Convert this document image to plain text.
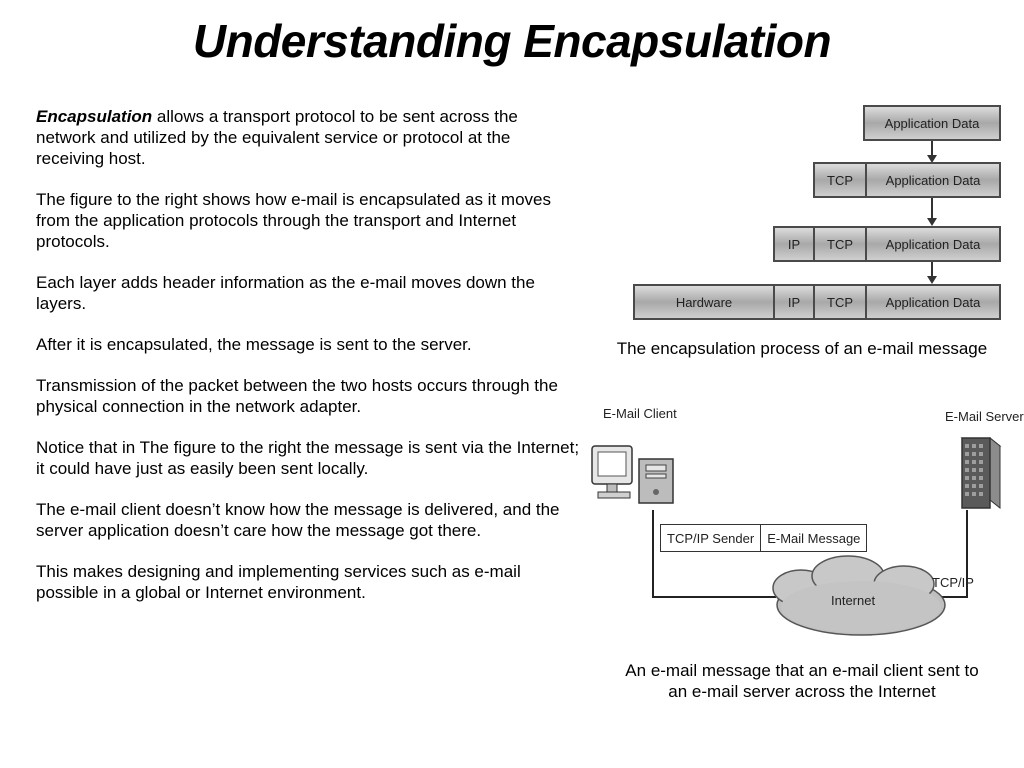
Understanding Encapsulation

Encapsulation allows a transport protocol to be sent across the network and utilized by the equivalent service or protocol at the receiving host.

The figure to the right shows how e-mail is encapsulated as it moves from the application protocols through the transport and Internet protocols.

Each layer adds header information as the e-mail moves down the layers.

After it is encapsulated, the message is sent to the server.

Transmission of the packet between the two hosts occurs through the physical connection in the network adapter.

Notice that in The figure to the right the message is sent via the Internet; it could have just as easily been sent locally.

The e-mail client doesn’t know how the message is delivered, and the server application doesn’t care how the message got there.

This makes designing and implementing services such as e-mail possible in a global or Internet environment.

Application Data
TCP	Application Data
IP	TCP	Application Data
Hardware	IP	TCP	Application Data
The encapsulation process of an e-mail message
E-Mail Client	E-Mail Server
TCP/IP Sender	E-Mail Message
Internet
TCP/IP
An e-mail message that an e-mail client sent to
an e-mail server across the Internet
